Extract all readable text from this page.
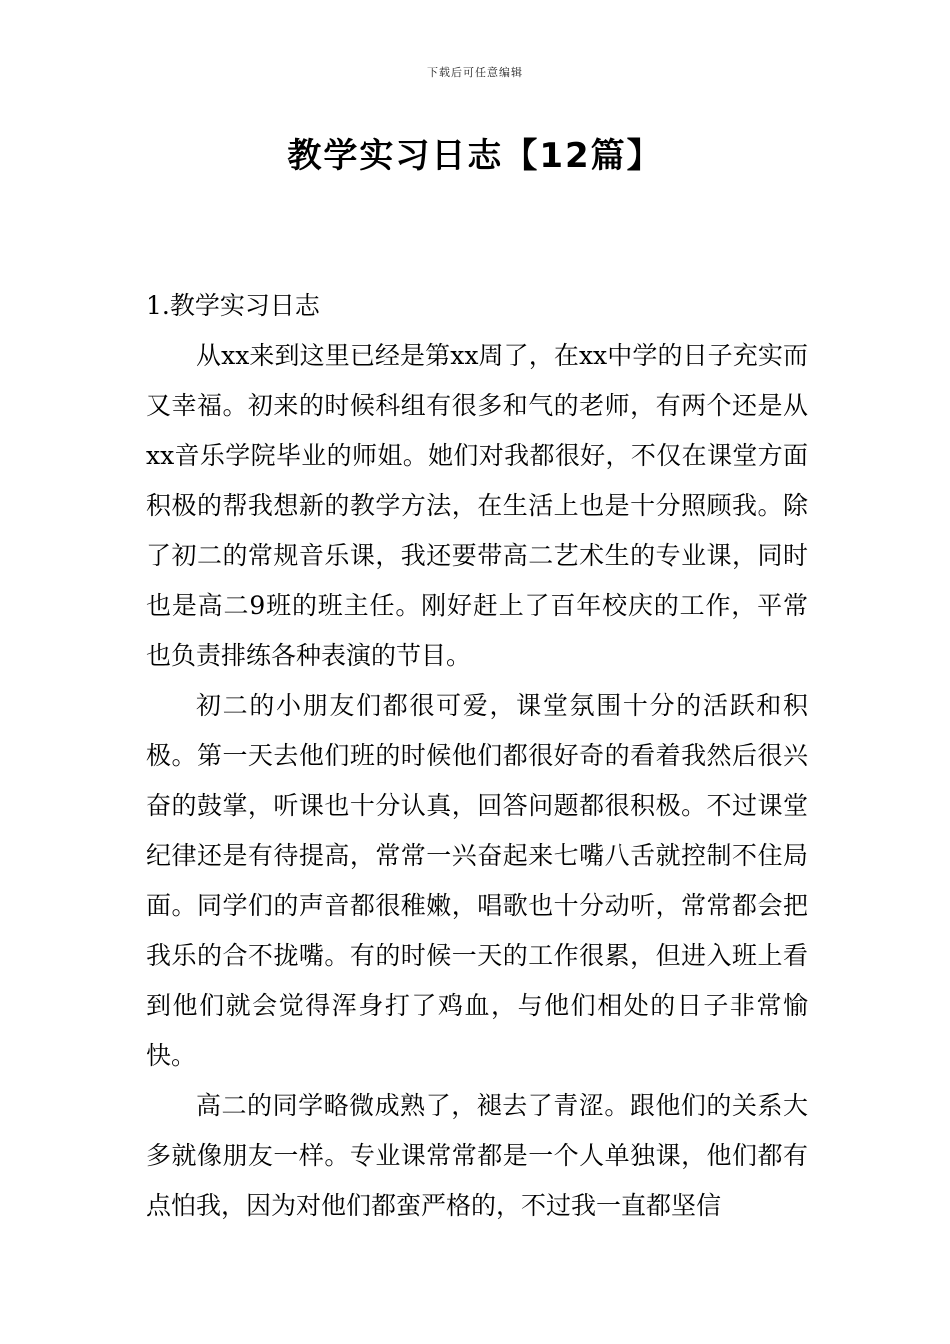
下载后可任意编辑
教学实习日志【12篇】
1.教学实习日志

从xx来到这里已经是第xx周了，在xx中学的日子充实而又幸福。初来的时候科组有很多和气的老师，有两个还是从xx音乐学院毕业的师姐。她们对我都很好，不仅在课堂方面积极的帮我想新的教学方法，在生活上也是十分照顾我。除了初二的常规音乐课，我还要带高二艺术生的专业课，同时也是高二9班的班主任。刚好赶上了百年校庆的工作，平常也负责排练各种表演的节目。

初二的小朋友们都很可爱，课堂氛围十分的活跃和积极。第一天去他们班的时候他们都很好奇的看着我然后很兴奋的鼓掌，听课也十分认真，回答问题都很积极。不过课堂纪律还是有待提高，常常一兴奋起来七嘴八舌就控制不住局面。同学们的声音都很稚嫩，唱歌也十分动听，常常都会把我乐的合不拢嘴。有的时候一天的工作很累，但进入班上看到他们就会觉得浑身打了鸡血，与他们相处的日子非常愉快。

高二的同学略微成熟了，褪去了青涩。跟他们的关系大多就像朋友一样。专业课常常都是一个人单独课，他们都有点怕我，因为对他们都蛮严格的，不过我一直都坚信
